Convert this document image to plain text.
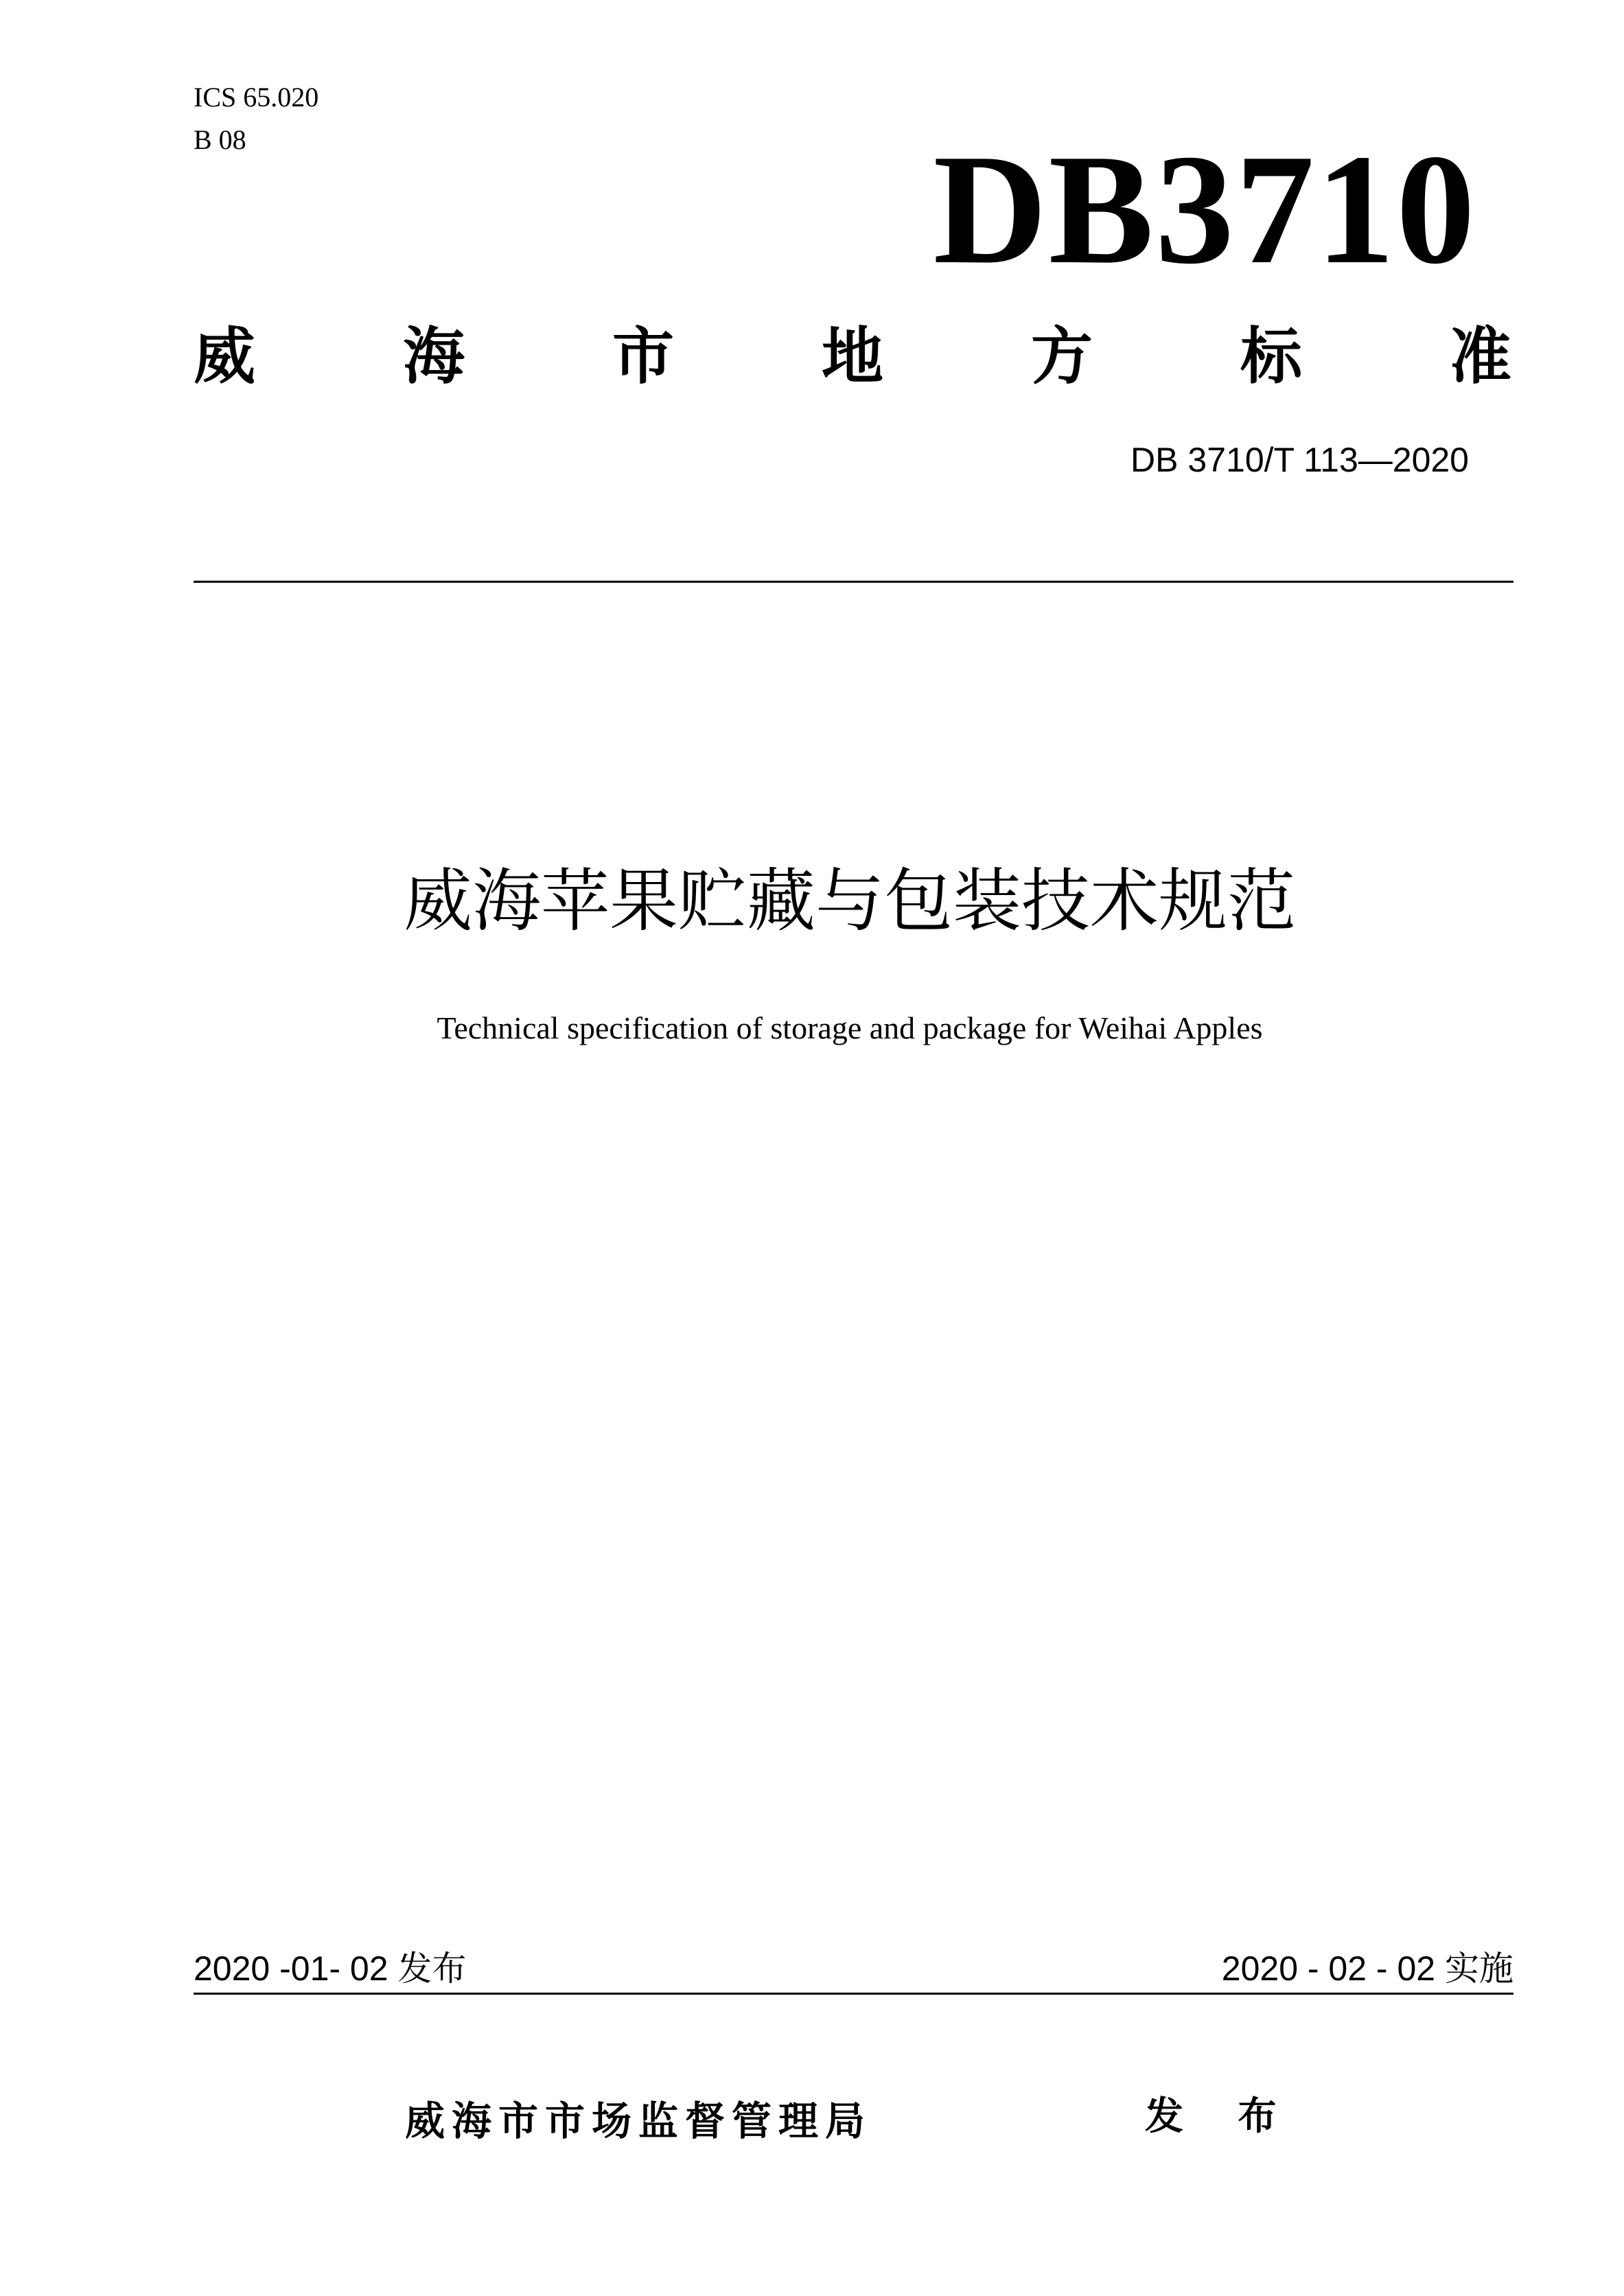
ICS 65.020
B 08	DB3710
威 海 市 地 方 标 准
DB 3710/T 113—2020
威海苹果贮藏与包装技术规范
Technical specification of storage and package for Weihai Apples
2020 -01- 02 发布	2020 - 02 - 02 实施
威海市市场监督管理局	发 布
